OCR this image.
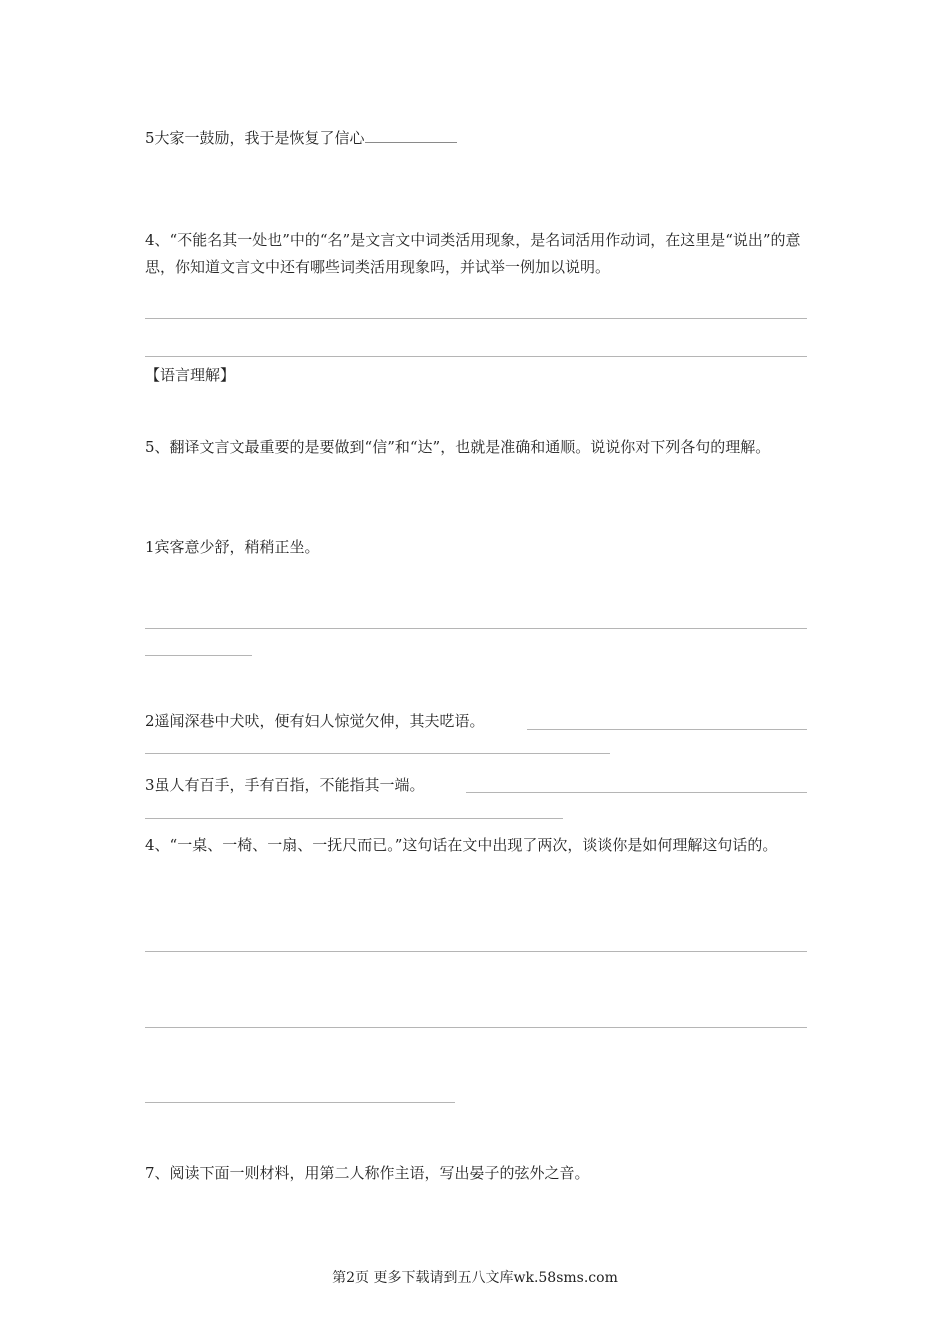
5大家一鼓励，我于是恢复了信心
4、“不能名其一处也”中的“名”是文言文中词类活用现象，是名词活用作动词，在这里是“说出”的意思，你知道文言文中还有哪些词类活用现象吗，并试举一例加以说明。
【语言理解】
5、翻译文言文最重要的是要做到“信”和“达”，也就是准确和通顺。说说你对下列各句的理解。
1宾客意少舒，稍稍正坐。
2遥闻深巷中犬吠，便有妇人惊觉欠伸，其夫呓语。
3虽人有百手，手有百指，不能指其一端。
4、“一桌、一椅、一扇、一抚尺而已。”这句话在文中出现了两次，谈谈你是如何理解这句话的。
7、阅读下面一则材料，用第二人称作主语，写出晏子的弦外之音。
第2页 更多下载请到五八文库wk.58sms.com
